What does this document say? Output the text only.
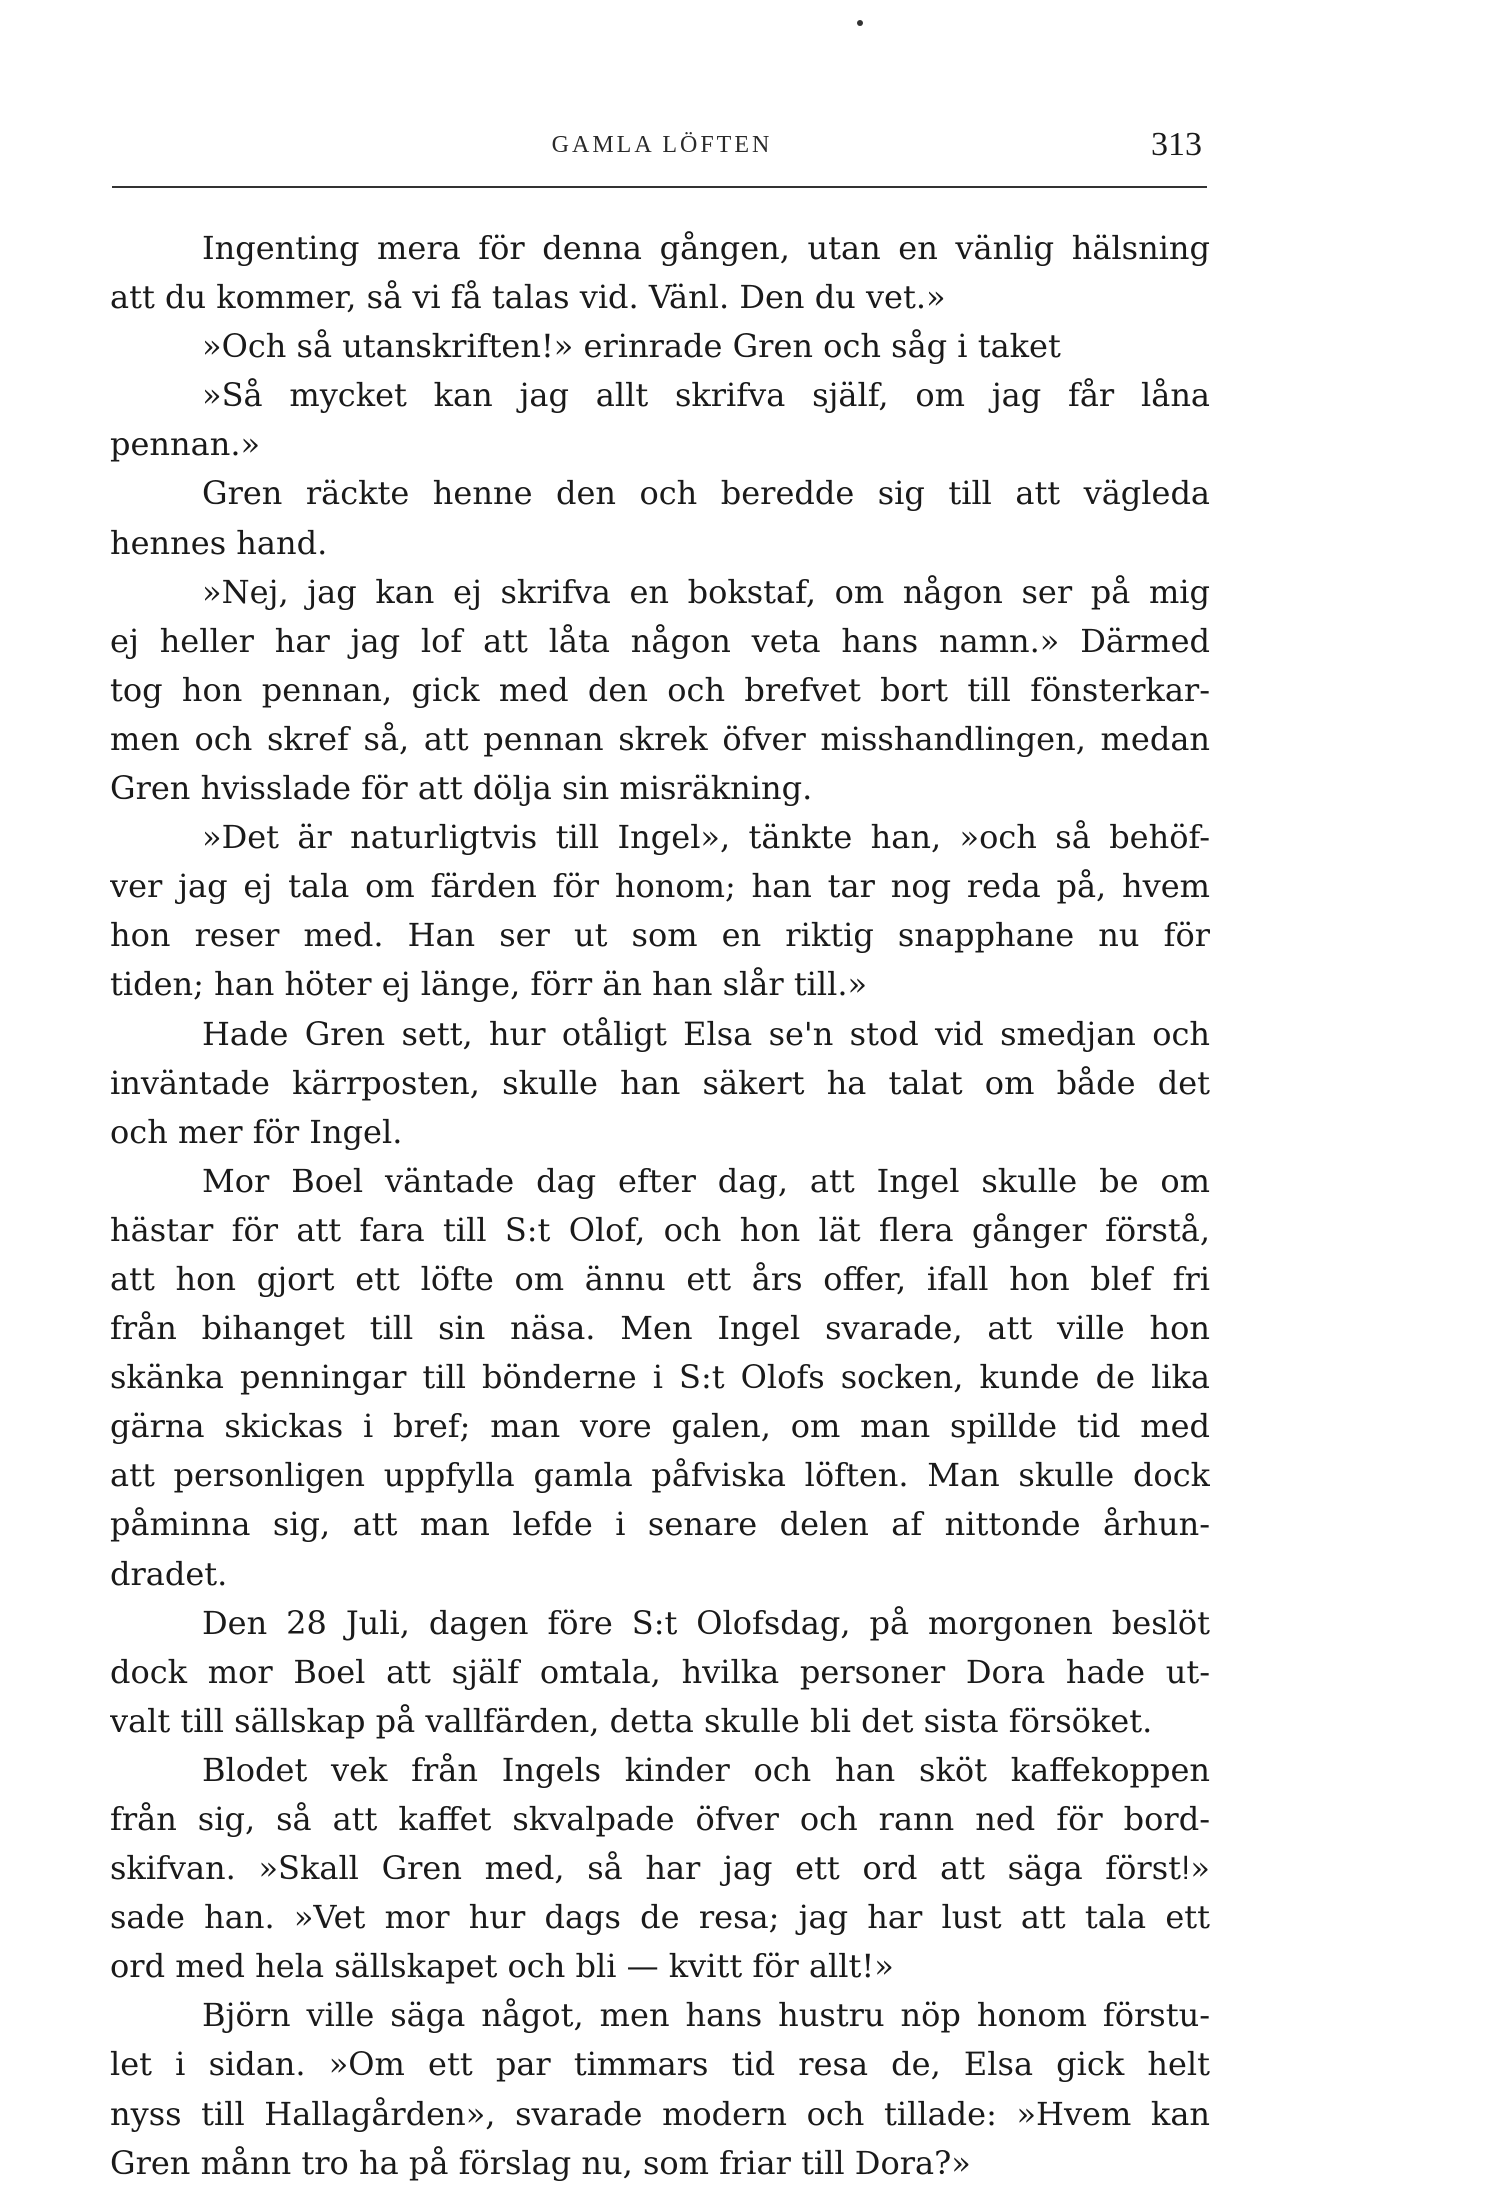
GAMLA LÖFTEN	313
Ingenting mera för denna gången, utan en vänlig hälsning
att du kommer, så vi få talas vid. Vänl. Den du vet.»
»Och så utanskriften!» erinrade Gren och såg i taket
»Så mycket kan jag allt skrifva själf, om jag får låna
pennan.»
Gren räckte henne den och beredde sig till att vägleda
hennes hand.
»Nej, jag kan ej skrifva en bokstaf, om någon ser på mig
ej heller har jag lof att låta någon veta hans namn.» Därmed
tog hon pennan, gick med den och brefvet bort till fönsterkar-
men och skref så, att pennan skrek öfver misshandlingen, medan
Gren hvisslade för att dölja sin misräkning.
»Det är naturligtvis till Ingel», tänkte han, »och så behöf-
ver jag ej tala om färden för honom; han tar nog redа på, hvem
hon reser med. Han ser ut som en riktig snapphane nu för
tiden; han höter ej länge, förr än han slår till.»
Hade Gren sett, hur otåligt Elsa se'n stod vid smedjan och
inväntade kärrposten, skulle han säkert ha talat om både det
och mer för Ingel.
Mor Boel väntade dag efter dag, att Ingel skulle be om
hästar för att fara till S:t Olof, och hon lät flera gånger förstå,
att hon gjort ett löfte om ännu ett års offer, ifall hon blef fri
från bihanget till sin näsa. Men Ingel svarade, att ville hon
skänka penningar till bönderne i S:t Olofs socken, kunde de lika
gärna skickas i bref; man vore galen, om man spillde tid med
att personligen uppfylla gamla påfviska löften. Man skulle dock
påminna sig, att man lefde i senare delen af nittonde århun-
dradet.
Den 28 Juli, dagen före S:t Olofsdag, på morgonen beslöt
dock mor Boel att själf omtala, hvilka personer Dora hade ut-
valt till sällskap på vallfärden, detta skulle bli det sista försöket.
Blodet vek från Ingels kinder och han sköt kaffekoppen
från sig, så att kaffet skvalpade öfver och rann ned för bord-
skifvan. »Skall Gren med, så har jag ett ord att säga förstǃ»
sade han. »Vet mor hur dags de resa; jag har lust att tala ett
ord med hela sällskapet och bli — kvitt för allt!»
Björn ville säga något, men hans hustru nöp honom förstu-
let i sidan. »Om ett par timmars tid resa de, Elsa gick helt
nyss till Hallagården», svarade modern och tillade: »Hvem kan
Gren månn tro ha på förslag nu, som friar till Dora?»
